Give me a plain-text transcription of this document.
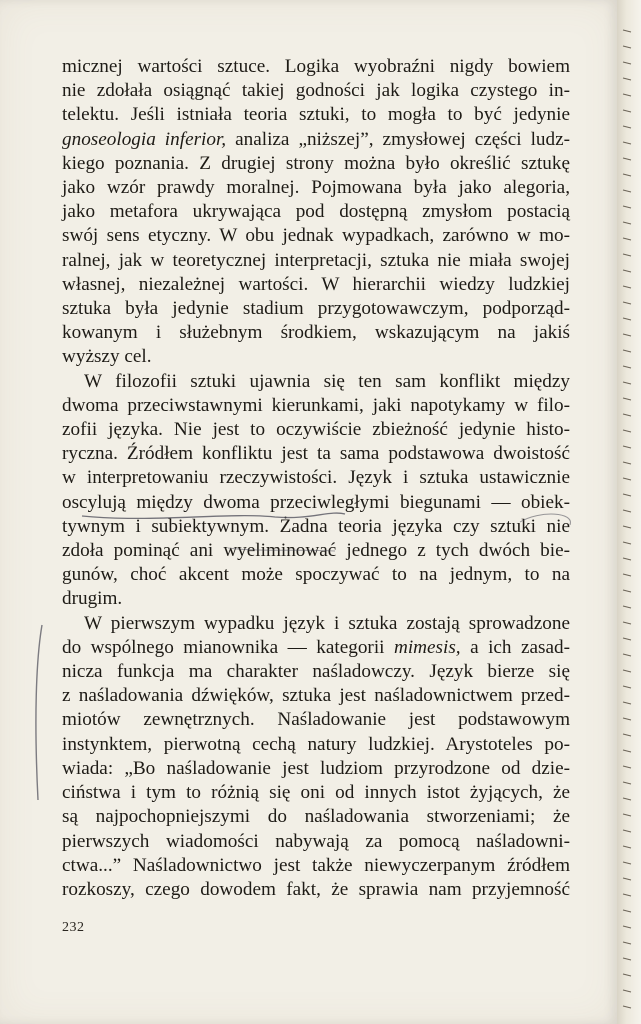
micznej wartości sztuce. Logika wyobraźni nigdy bowiem
nie zdołała osiągnąć takiej godności jak logika czystego in-
telektu. Jeśli istniała teoria sztuki, to mogła to być jedynie
gnoseologia inferior, analiza „niższej”, zmysłowej części ludz-
kiego poznania. Z drugiej strony można było określić sztukę
jako wzór prawdy moralnej. Pojmowana była jako alegoria,
jako metafora ukrywająca pod dostępną zmysłom postacią
swój sens etyczny. W obu jednak wypadkach, zarówno w mo-
ralnej, jak w teoretycznej interpretacji, sztuka nie miała swojej
własnej, niezależnej wartości. W hierarchii wiedzy ludzkiej
sztuka była jedynie stadium przygotowawczym, podporząd-
kowanym i służebnym środkiem, wskazującym na jakiś
wyższy cel.
W filozofii sztuki ujawnia się ten sam konflikt między
dwoma przeciwstawnymi kierunkami, jaki napotykamy w filo-
zofii języka. Nie jest to oczywiście zbieżność jedynie histo-
ryczna. Źródłem konfliktu jest ta sama podstawowa dwoistość
w interpretowaniu rzeczywistości. Język i sztuka ustawicznie
oscylują między dwoma przeciwległymi biegunami — obiek-
tywnym i subiektywnym. Żadna teoria języka czy sztuki nie
zdoła pominąć ani wyeliminować jednego z tych dwóch bie-
gunów, choć akcent może spoczywać to na jednym, to na
drugim.
W pierwszym wypadku język i sztuka zostają sprowadzone
do wspólnego mianownika — kategorii mimesis, a ich zasad-
nicza funkcja ma charakter naśladowczy. Język bierze się
z naśladowania dźwięków, sztuka jest naśladownictwem przed-
miotów zewnętrznych. Naśladowanie jest podstawowym
instynktem, pierwotną cechą natury ludzkiej. Arystoteles po-
wiada: „Bo naśladowanie jest ludziom przyrodzone od dzie-
ciństwa i tym to różnią się oni od innych istot żyjących, że
są najpochopniejszymi do naśladowania stworzeniami; że
pierwszych wiadomości nabywają za pomocą naśladowni-
ctwa...” Naśladownictwo jest także niewyczerpanym źródłem
rozkoszy, czego dowodem fakt, że sprawia nam przyjemność
232
